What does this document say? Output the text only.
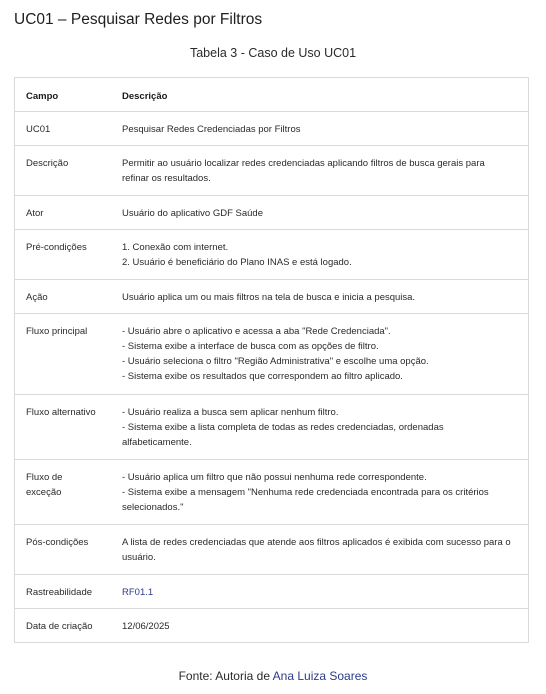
UC01 – Pesquisar Redes por Filtros
Tabela 3 - Caso de Uso UC01
Campo	Descrição

UC01	Pesquisar Redes Credenciadas por Filtros

Descrição	Permitir ao usuário localizar redes credenciadas aplicando filtros de busca gerais para
refinar os resultados.

Ator	Usuário do aplicativo GDF Saúde

Pré-condições	1. Conexão com internet.
2. Usuário é beneficiário do Plano INAS e está logado.

Ação	Usuário aplica um ou mais filtros na tela de busca e inicia a pesquisa.

Fluxo principal	- Usuário abre o aplicativo e acessa a aba "Rede Credenciada".
- Sistema exibe a interface de busca com as opções de filtro.
- Usuário seleciona o filtro "Região Administrativa" e escolhe uma opção.
- Sistema exibe os resultados que correspondem ao filtro aplicado.

Fluxo alternativo	- Usuário realiza a busca sem aplicar nenhum filtro.
- Sistema exibe a lista completa de todas as redes credenciadas, ordenadas
alfabeticamente.

Fluxo de
exceção	- Usuário aplica um filtro que não possui nenhuma rede correspondente.
- Sistema exibe a mensagem "Nenhuma rede credenciada encontrada para os critérios
selecionados."

Pós-condições	A lista de redes credenciadas que atende aos filtros aplicados é exibida com sucesso para o
usuário.

Rastreabilidade	RF01.1

Data de criação	12/06/2025
Fonte: Autoria de Ana Luiza Soares
